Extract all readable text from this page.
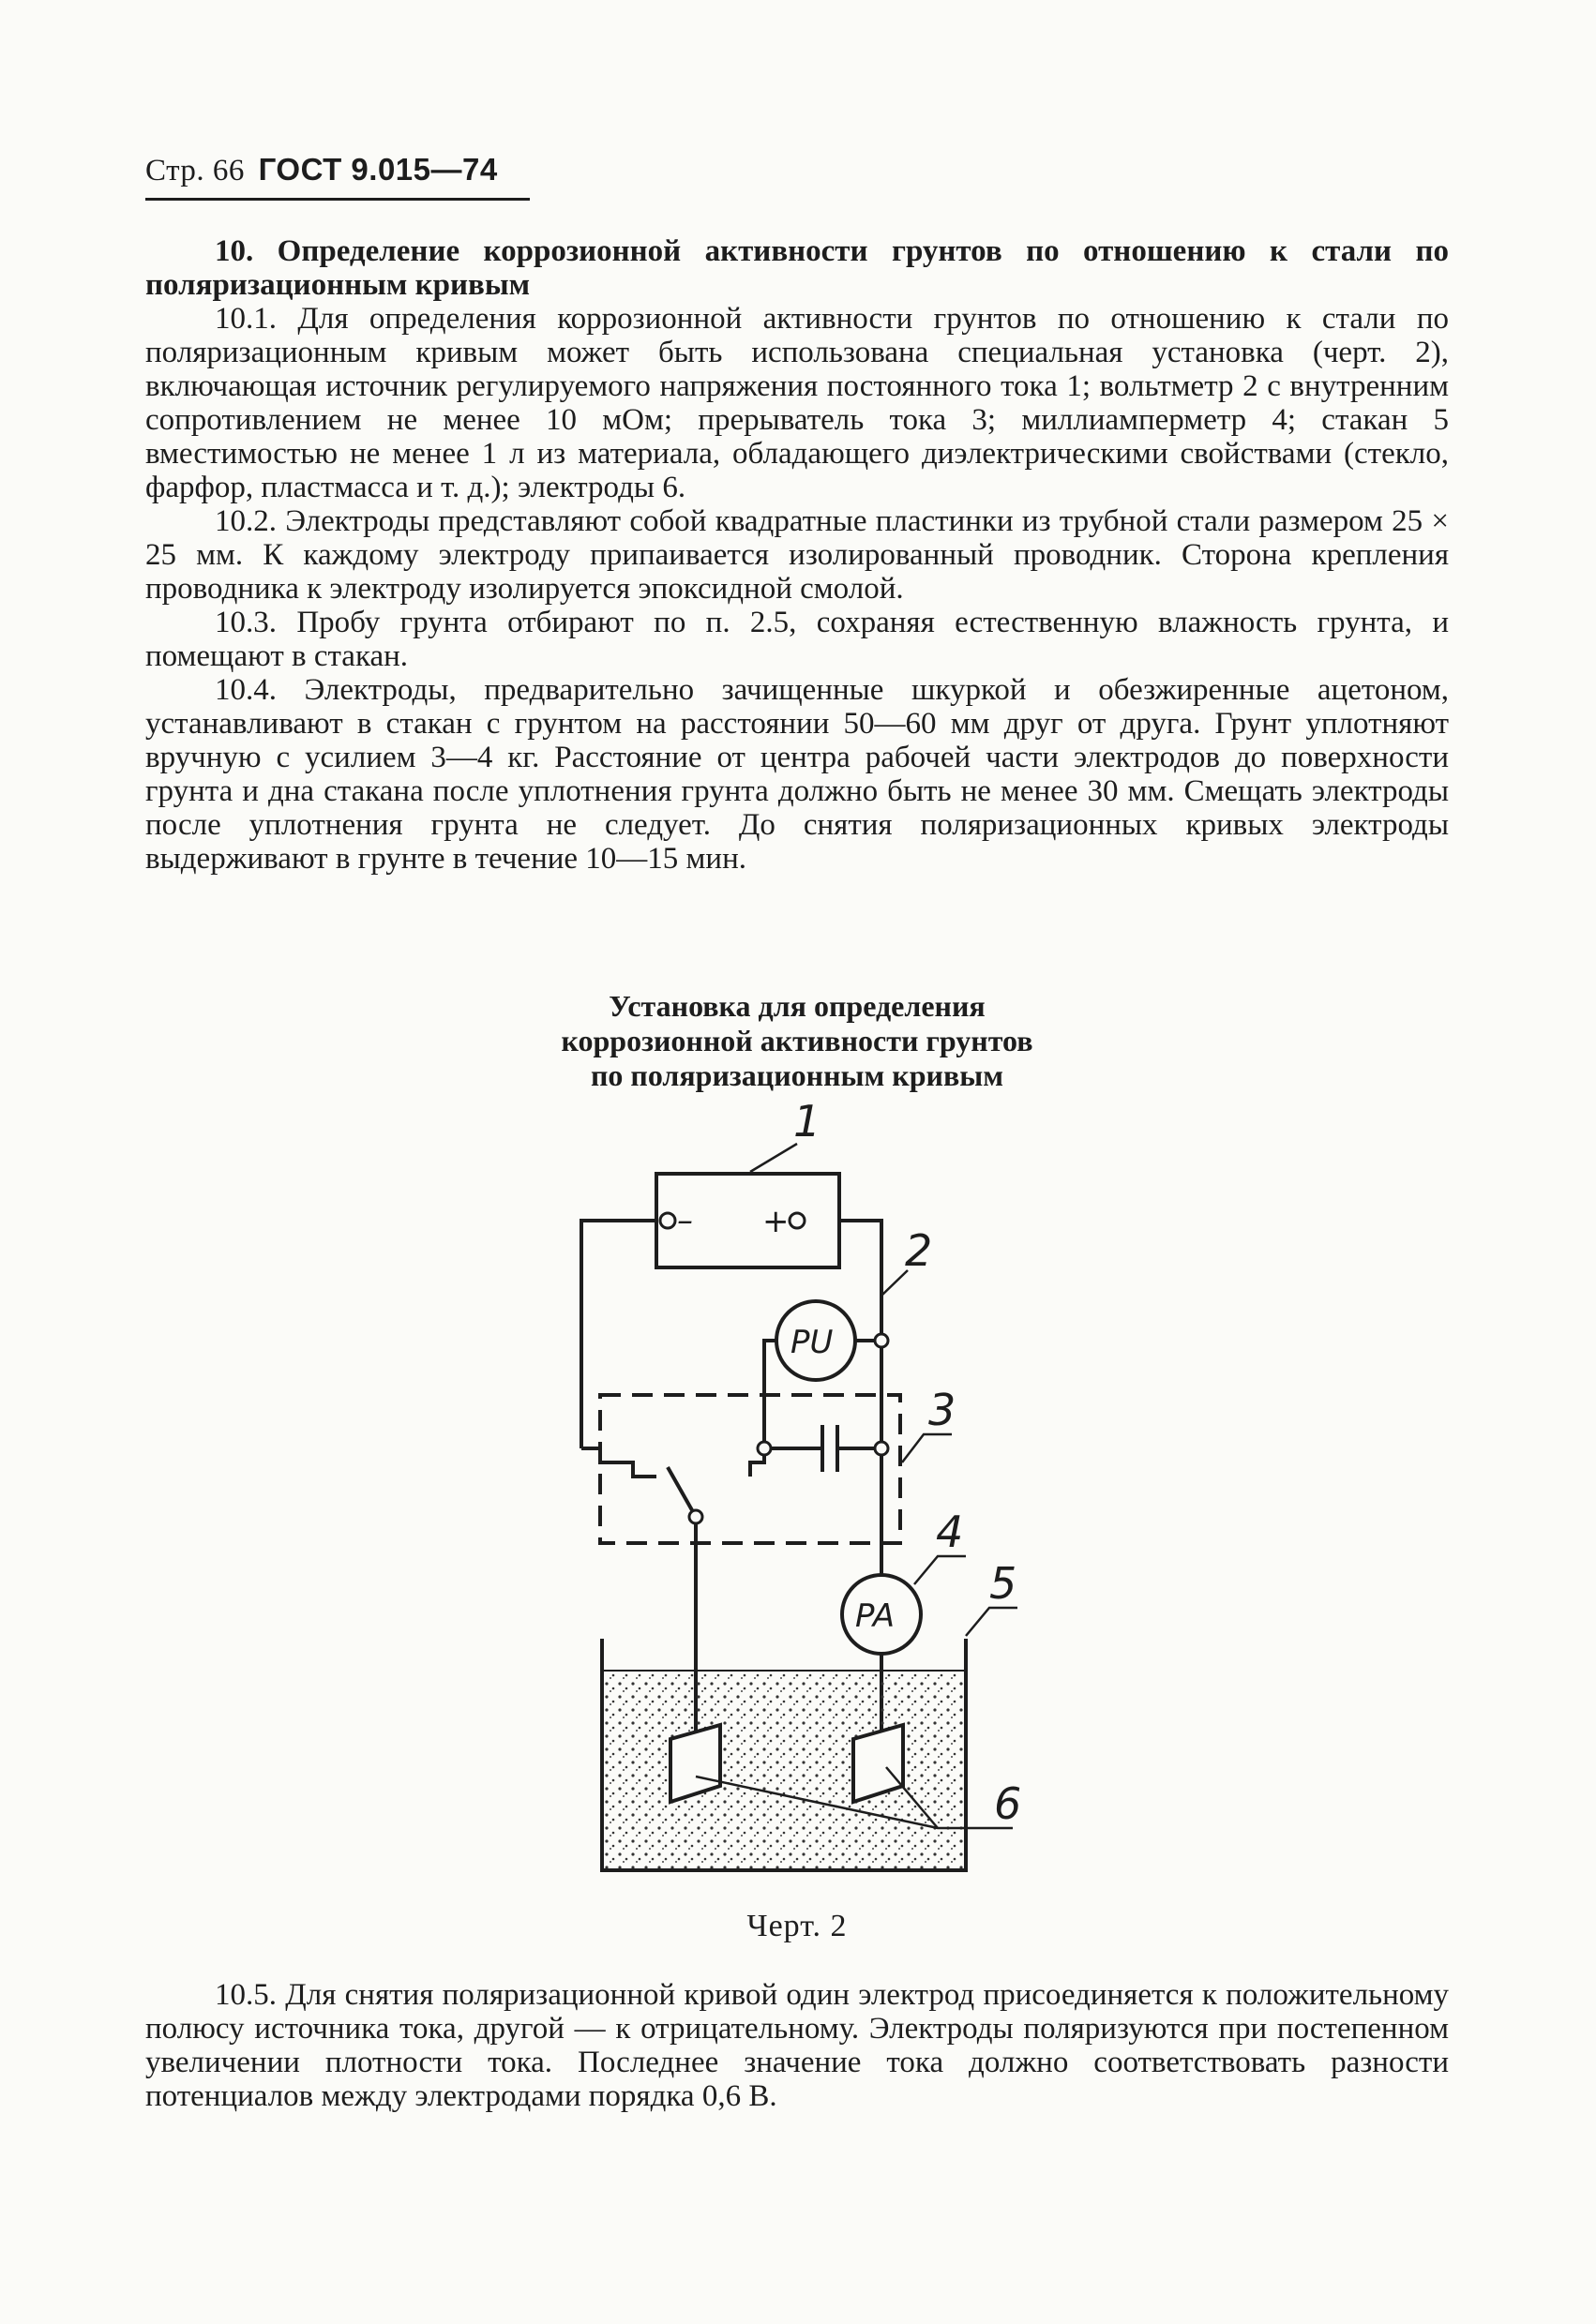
Стр. 66 ГОСТ 9.015—74

10. Определение коррозионной активности грунтов по отношению к стали по поляризационным кривым

10.1. Для определения коррозионной активности грунтов по отношению к стали по поляризационным кривым может быть использована специальная установка (черт. 2), включающая источник регулируемого напряжения постоянного тока 1; вольтметр 2 с внутренним сопротивлением не менее 10 мОм; прерыватель тока 3; миллиамперметр 4; стакан 5 вместимостью не менее 1 л из материала, обладающего диэлектрическими свойствами (стекло, фарфор, пластмасса и т. д.); электроды 6.

10.2. Электроды представляют собой квадратные пластинки из трубной стали размером 25 × 25 мм. К каждому электроду припаивается изолированный проводник. Сторона крепления проводника к электроду изолируется эпоксидной смолой.

10.3. Пробу грунта отбирают по п. 2.5, сохраняя естественную влажность грунта, и помещают в стакан.

10.4. Электроды, предварительно зачищенные шкуркой и обезжиренные ацетоном, устанавливают в стакан с грунтом на расстоянии 50—60 мм друг от друга. Грунт уплотняют вручную с усилием 3—4 кг. Расстояние от центра рабочей части электродов до поверхности грунта и дна стакана после уплотнения грунта должно быть не менее 30 мм. Смещать электроды после уплотнения грунта не следует. До снятия поляризационных кривых электроды выдерживают в грунте в течение 10—15 мин.

Установка для определения
коррозионной активности грунтов
по поляризационным кривым
Черт. 2

10.5. Для снятия поляризационной кривой один электрод присоединяется к положительному полюсу источника тока, другой — к отрицательному. Электроды поляризуются при постепенном увеличении плотности тока. Последнее значение тока должно соответствовать разности потенциалов между электродами порядка 0,6 В.

– +
PU
PA
1
2
3
4
5
6
